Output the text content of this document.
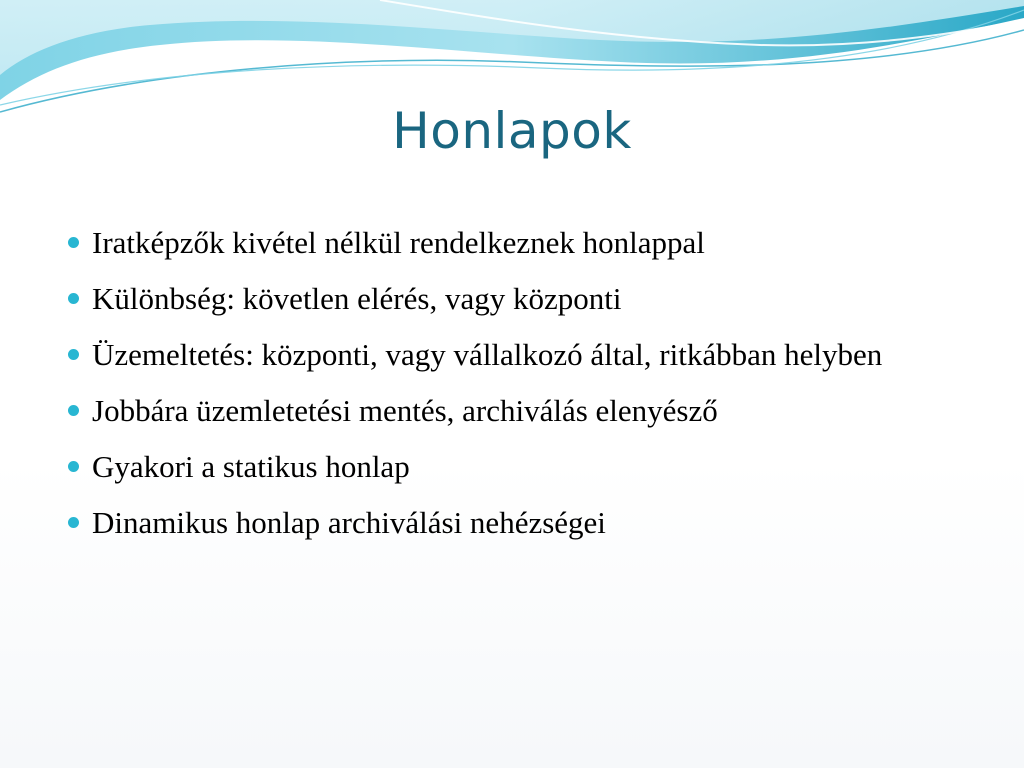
Honlapok
Iratképzők kivétel nélkül rendelkeznek honlappal
Különbség: követlen elérés, vagy központi
Üzemeltetés: központi, vagy vállalkozó által, ritkábban helyben
Jobbára üzemletetési mentés, archiválás elenyésző
Gyakori a statikus honlap
Dinamikus honlap archiválási nehézségei
